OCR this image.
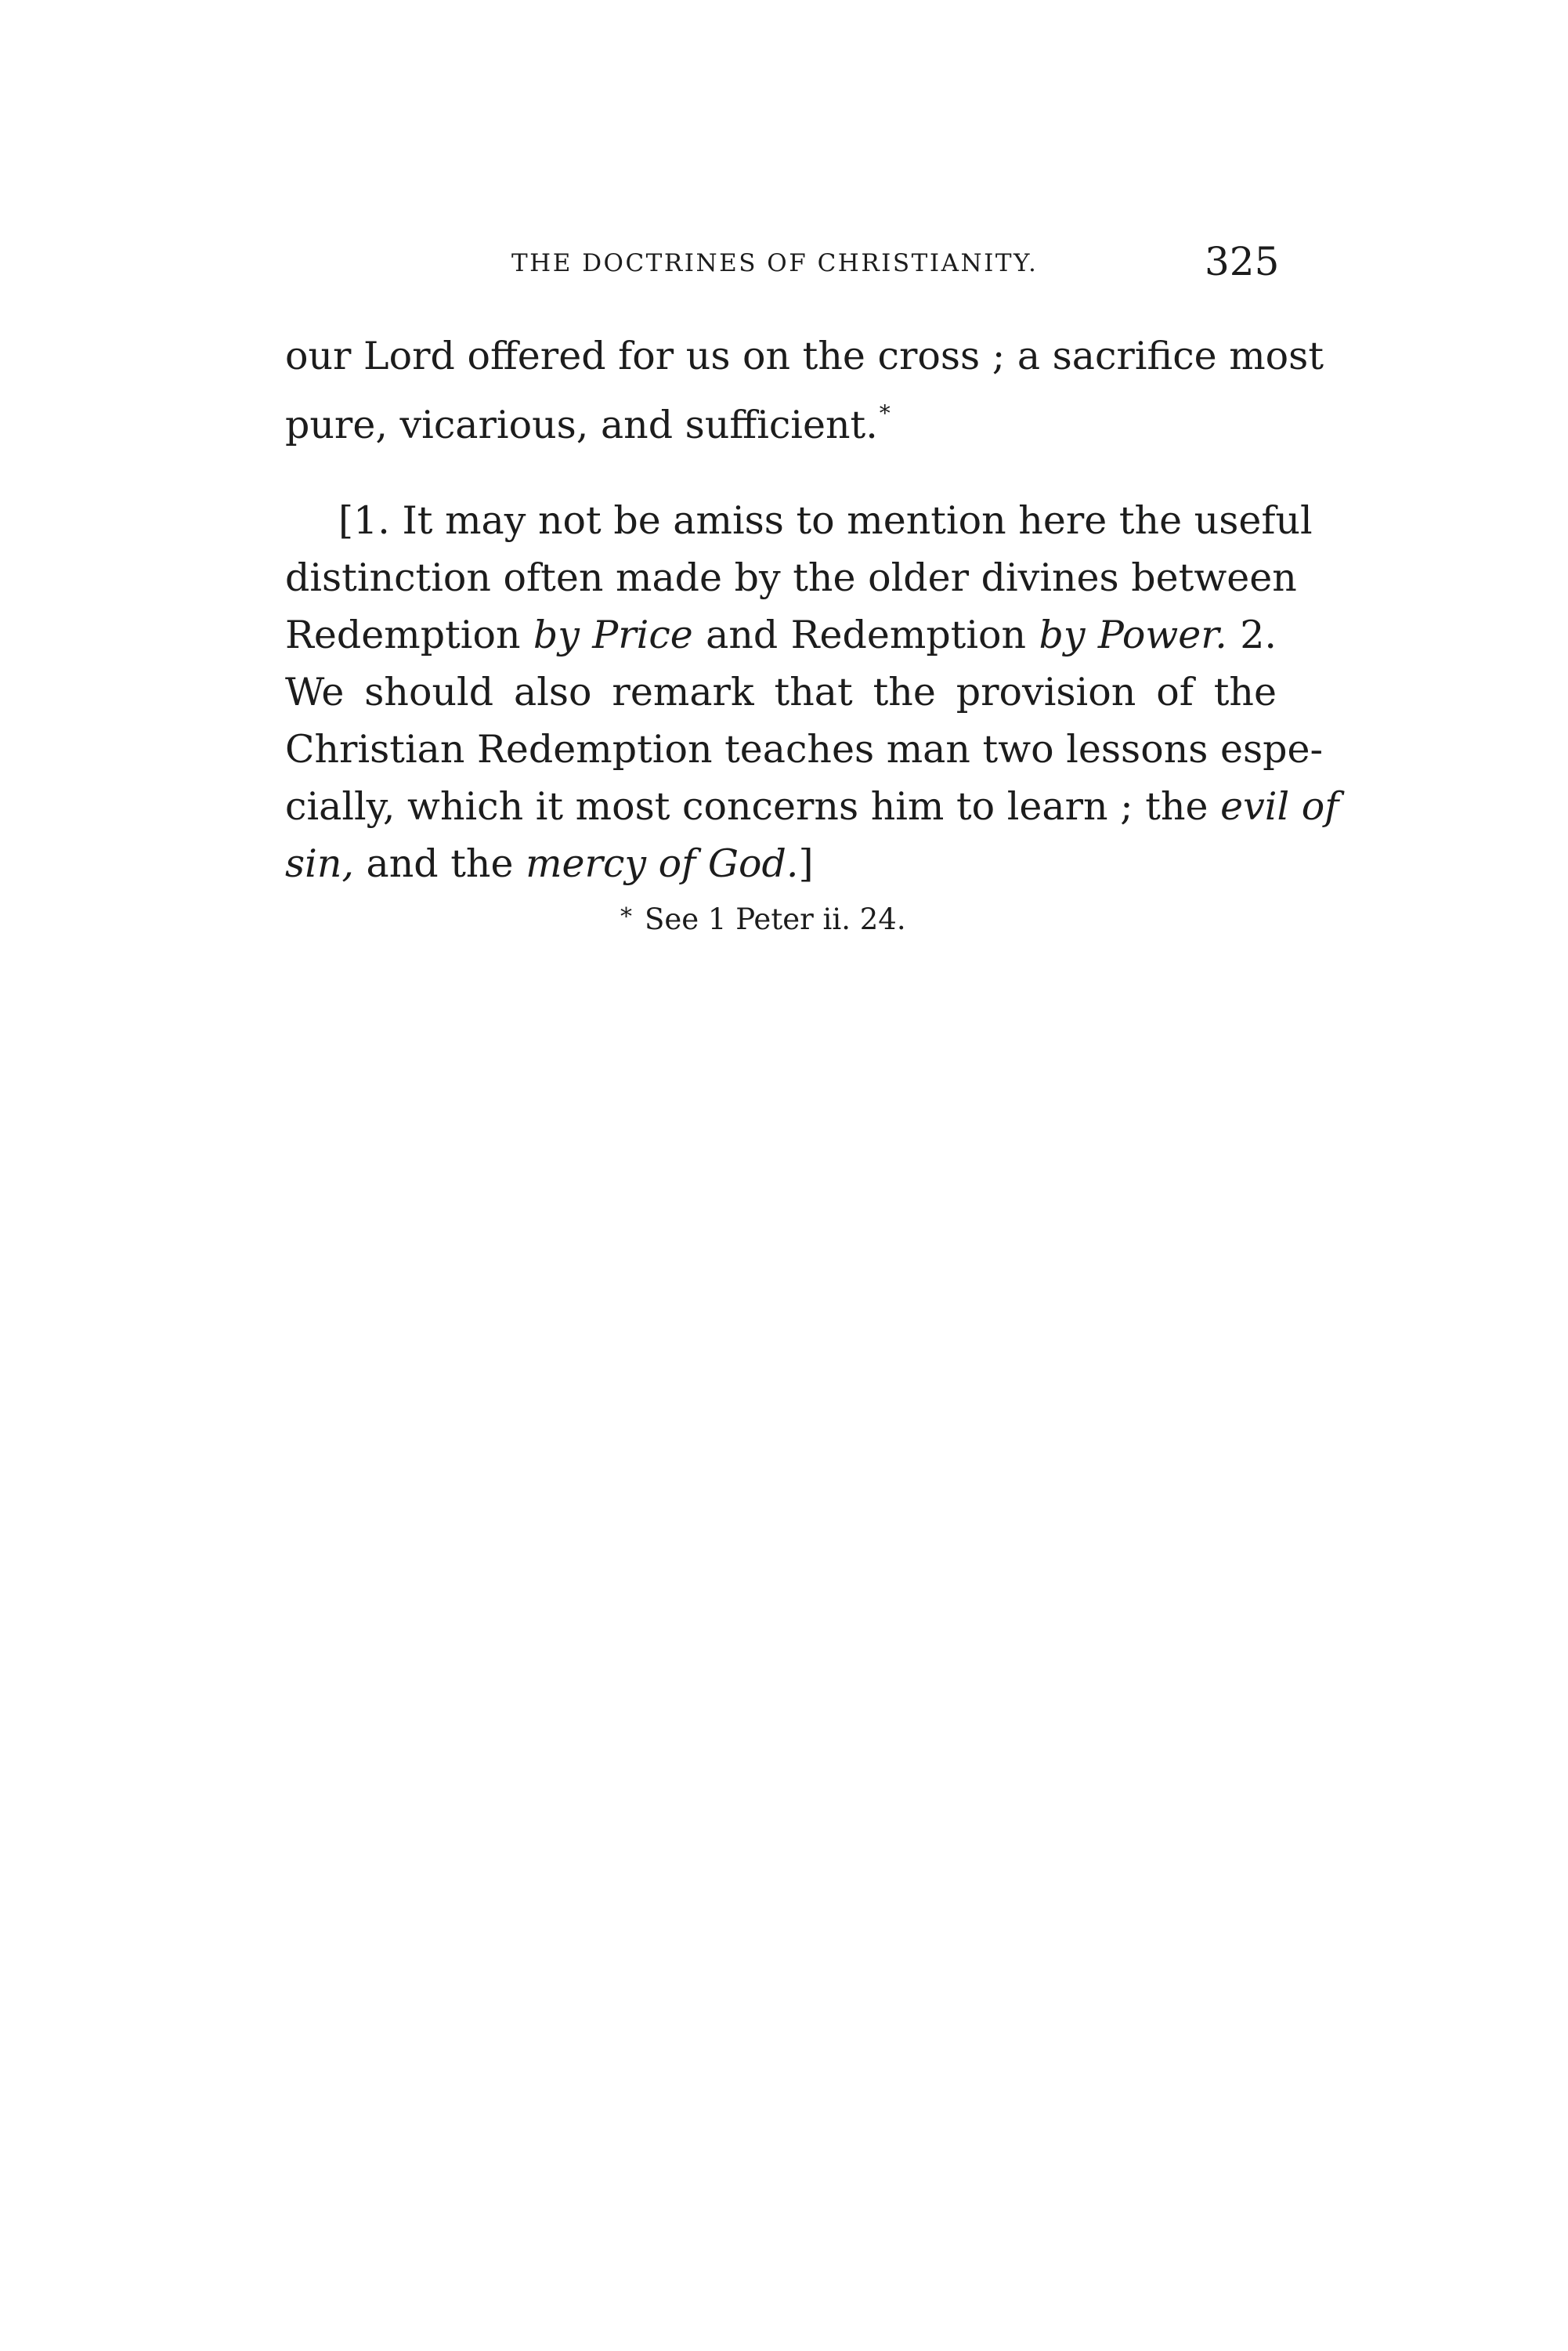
THE DOCTRINES OF CHRISTIANITY.	325
our Lord offered for us on the cross ; a sacrifice most
pure, vicarious, and sufficient.*
[1. It may not be amiss to mention here the useful
distinction often made by the older divines between
Redemption by Price and Redemption by Power. 2.
We should also remark that the provision of the
Christian Redemption teaches man two lessons espe-
cially, which it most concerns him to learn ; the evil of
sin, and the mercy of God.]
* See 1 Peter ii. 24.
